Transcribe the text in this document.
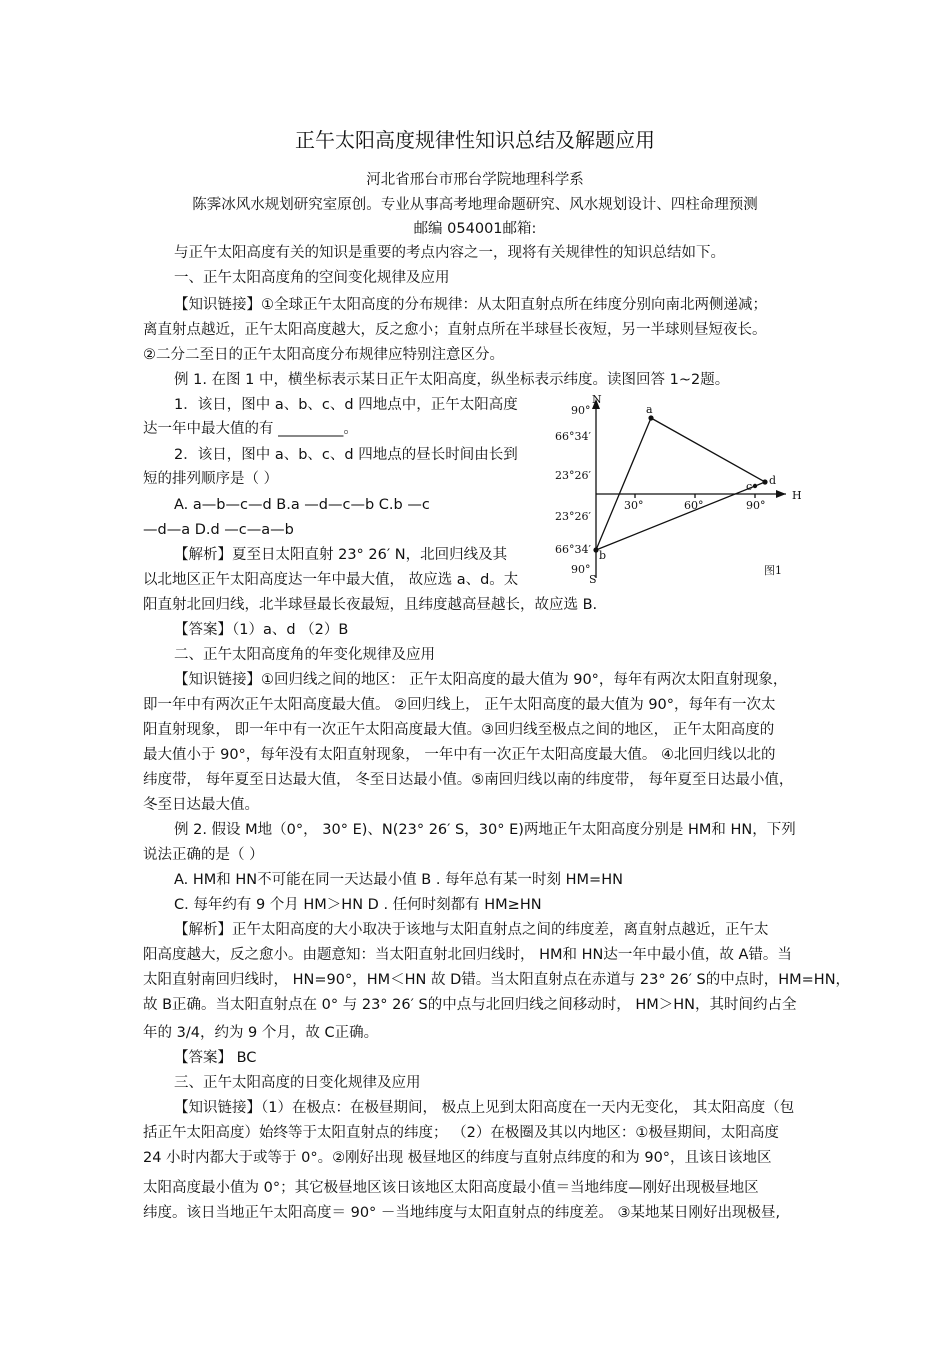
正午太阳高度规律性知识总结及解题应用
河北省邢台市邢台学院地理科学系
陈霁冰风水规划研究室原创。专业从事高考地理命题研究、风水规划设计、四柱命理预测
邮编 054001邮箱:
与正午太阳高度有关的知识是重要的考点内容之一，现将有关规律性的知识总结如下。
一、正午太阳高度角的空间变化规律及应用
【知识链接】①全球正午太阳高度的分布规律：从太阳直射点所在纬度分别向南北两侧递减；
离直射点越近，正午太阳高度越大，反之愈小；直射点所在半球昼长夜短，另一半球则昼短夜长。
②二分二至日的正午太阳高度分布规律应特别注意区分。
例 1. 在图 1 中，横坐标表示某日正午太阳高度，纵坐标表示纬度。读图回答 1~2题。
1．该日，图中 a、b、c、d 四地点中，正午太阳高度
达一年中最大值的有 _________。
2．该日，图中 a、b、c、d 四地点的昼长时间由长到
短的排列顺序是（ ）
A. a—b—c—d B.a —d—c—b C.b —c
—d—a D.d —c—a—b
【解析】夏至日太阳直射 23° 26′ N，北回归线及其
以北地区正午太阳高度达一年中最大值， 故应选 a、d。太
阳直射北回归线，北半球昼最长夜最短，且纬度越高昼越长，故应选 B.
【答案】（1）a、d （2）B
N
S
H
90°
66°34′
23°26′
23°26′
66°34′
90°
30°	60°	90°
a
b
c d
图1
二、正午太阳高度角的年变化规律及应用
【知识链接】①回归线之间的地区： 正午太阳高度的最大值为 90°，每年有两次太阳直射现象，
即一年中有两次正午太阳高度最大值。 ②回归线上， 正午太阳高度的最大值为 90°，每年有一次太
阳直射现象， 即一年中有一次正午太阳高度最大值。③回归线至极点之间的地区， 正午太阳高度的
最大值小于 90°，每年没有太阳直射现象， 一年中有一次正午太阳高度最大值。 ④北回归线以北的
纬度带， 每年夏至日达最大值， 冬至日达最小值。⑤南回归线以南的纬度带， 每年夏至日达最小值，
冬至日达最大值。
例 2. 假设 M地（0°， 30° E)、N(23° 26′ S，30° E)两地正午太阳高度分别是 HM和 HN，下列
说法正确的是（ ）
A. HM和 HN不可能在同一天达最小值 B . 每年总有某一时刻 HM=HN
C. 每年约有 9 个月 HM＞HN D . 任何时刻都有 HM≥HN
【解析】正午太阳高度的大小取决于该地与太阳直射点之间的纬度差，离直射点越近，正午太
阳高度越大，反之愈小。由题意知：当太阳直射北回归线时， HM和 HN达一年中最小值，故 A错。当
太阳直射南回归线时， HN=90°，HM＜HN 故 D错。当太阳直射点在赤道与 23° 26′ S的中点时，HM=HN，
故 B正确。当太阳直射点在 0° 与 23° 26′ S的中点与北回归线之间移动时， HM＞HN，其时间约占全
年的 3/4，约为 9 个月，故 C正确。
【答案】 BC
三、正午太阳高度的日变化规律及应用
【知识链接】（1）在极点：在极昼期间， 极点上见到太阳高度在一天内无变化， 其太阳高度（包
括正午太阳高度）始终等于太阳直射点的纬度； （2）在极圈及其以内地区：①极昼期间，太阳高度
24 小时内都大于或等于 0°。②刚好出现 极昼地区的纬度与直射点纬度的和为 90°，且该日该地区
太阳高度最小值为 0°；其它极昼地区该日该地区太阳高度最小值＝当地纬度—刚好出现极昼地区
纬度。该日当地正午太阳高度＝ 90° －当地纬度与太阳直射点的纬度差。 ③某地某日刚好出现极昼,
